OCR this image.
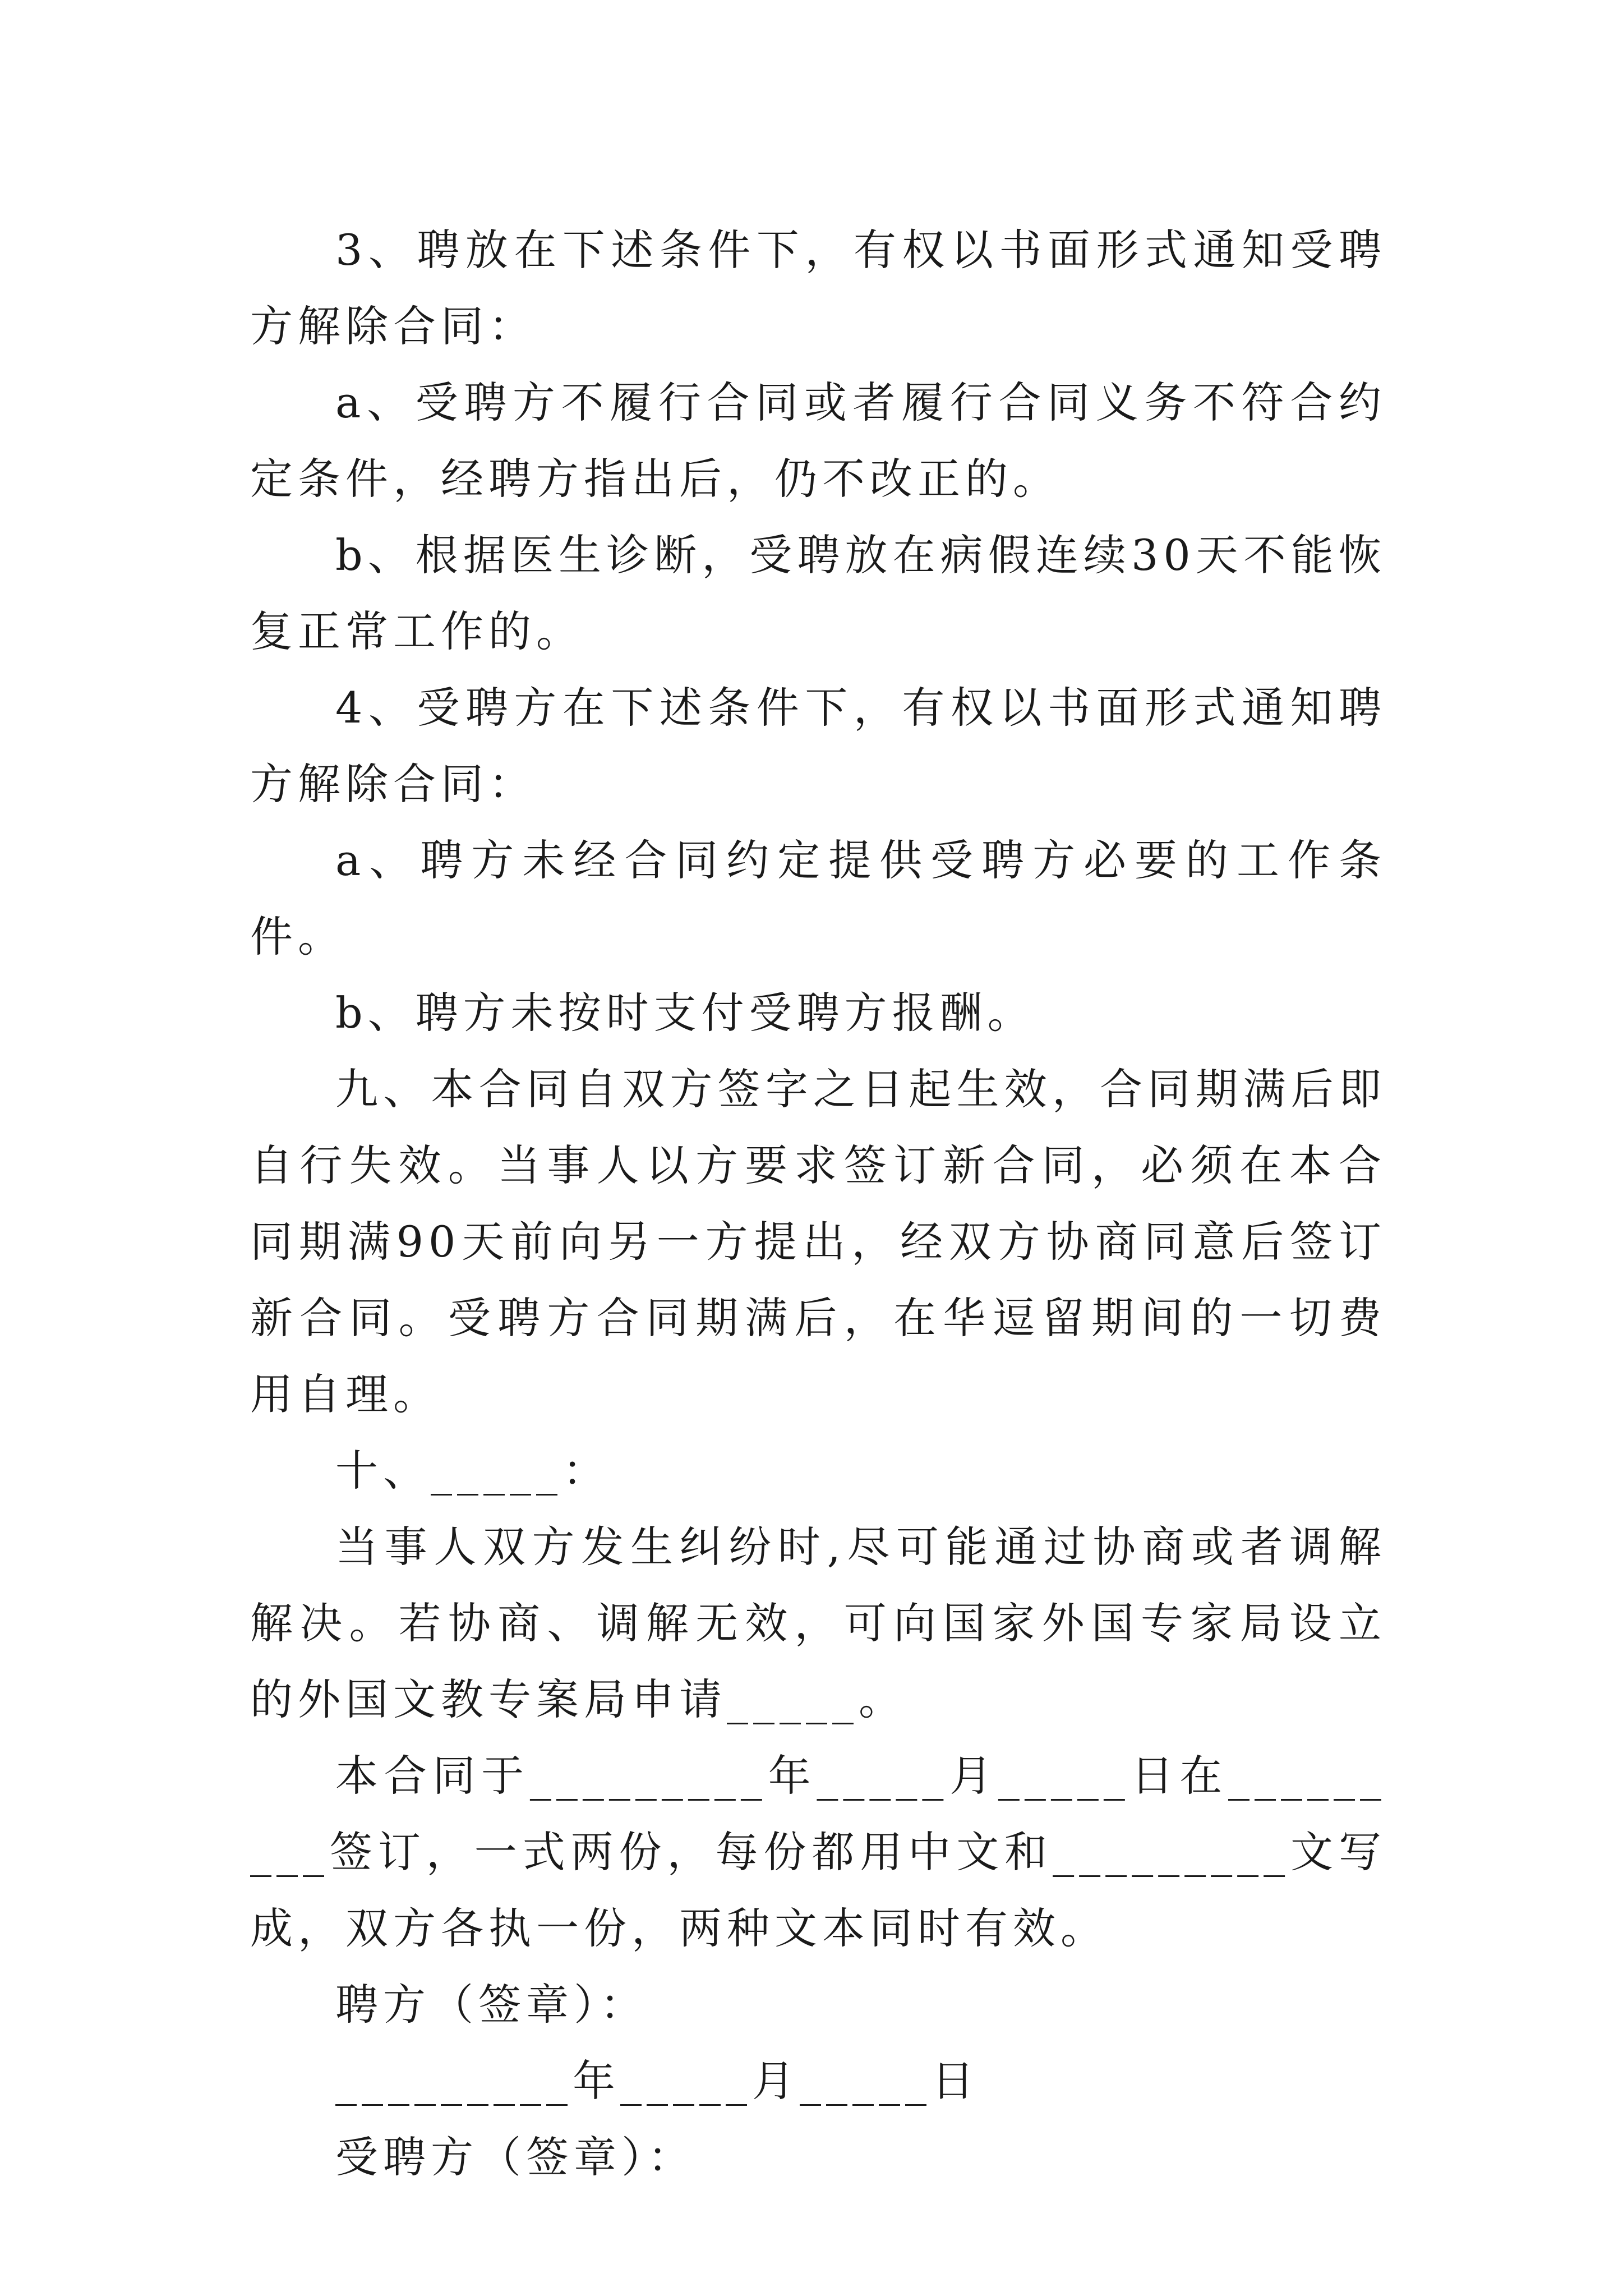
3、聘放在下述条件下，有权以书面形式通知受聘方解除合同：

a、受聘方不履行合同或者履行合同义务不符合约定条件，经聘方指出后，仍不改正的。

b、根据医生诊断，受聘放在病假连续30天不能恢复正常工作的。

4、受聘方在下述条件下，有权以书面形式通知聘方解除合同：

a、聘方未经合同约定提供受聘方必要的工作条件。

b、聘方未按时支付受聘方报酬。

九、本合同自双方签字之日起生效，合同期满后即自行失效。当事人以方要求签订新合同，必须在本合同期满90天前向另一方提出，经双方协商同意后签订新合同。受聘方合同期满后，在华逗留期间的一切费用自理。

十、_____：

当事人双方发生纠纷时,尽可能通过协商或者调解解决。若协商、调解无效，可向国家外国专家局设立的外国文教专案局申请_____。

本合同于_________年_____月_____日在_________签订，一式两份，每份都用中文和_________文写成，双方各执一份，两种文本同时有效。

聘方（签章）：

_________年_____月_____日

受聘方（签章）：
